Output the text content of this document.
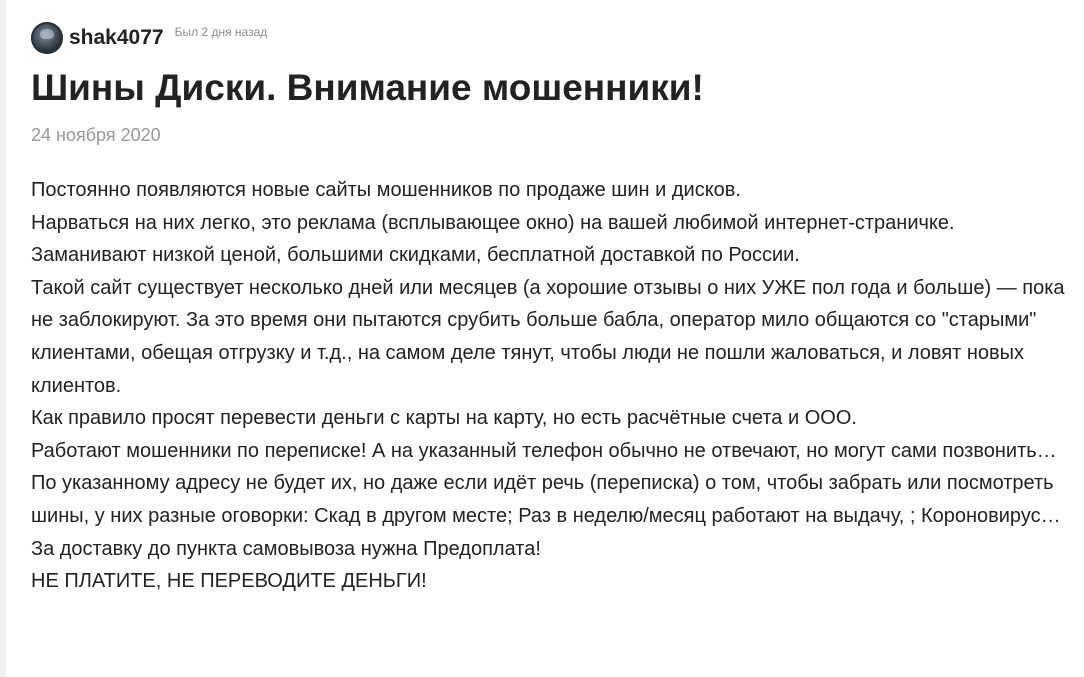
shak4077 Был 2 дня назад
Шины Диски. Внимание мошенники!
24 ноября 2020

Постоянно появляются новые сайты мошенников по продаже шин и дисков.

Нарваться на них легко, это реклама (всплывающее окно) на вашей любимой интернет-страничке.

Заманивают низкой ценой, большими скидками, бесплатной доставкой по России.

Такой сайт существует несколько дней или месяцев (а хорошие отзывы о них УЖЕ пол года и больше) — пока не заблокируют. За это время они пытаются срубить больше бабла, оператор мило общаются со "старыми" клиентами, обещая отгрузку и т.д., на самом деле тянут, чтобы люди не пошли жаловаться, и ловят новых клиентов.

Как правило просят перевести деньги с карты на карту, но есть расчётные счета и ООО.

Работают мошенники по переписке! А на указанный телефон обычно не отвечают, но могут сами позвонить…

По указанному адресу не будет их, но даже если идёт речь (переписка) о том, чтобы забрать или посмотреть шины, у них разные оговорки: Скад в другом месте; Раз в неделю/месяц работают на выдачу, ; Короновирус…

За доставку до пункта самовывоза нужна Предоплата!

НЕ ПЛАТИТЕ, НЕ ПЕРЕВОДИТЕ ДЕНЬГИ!
